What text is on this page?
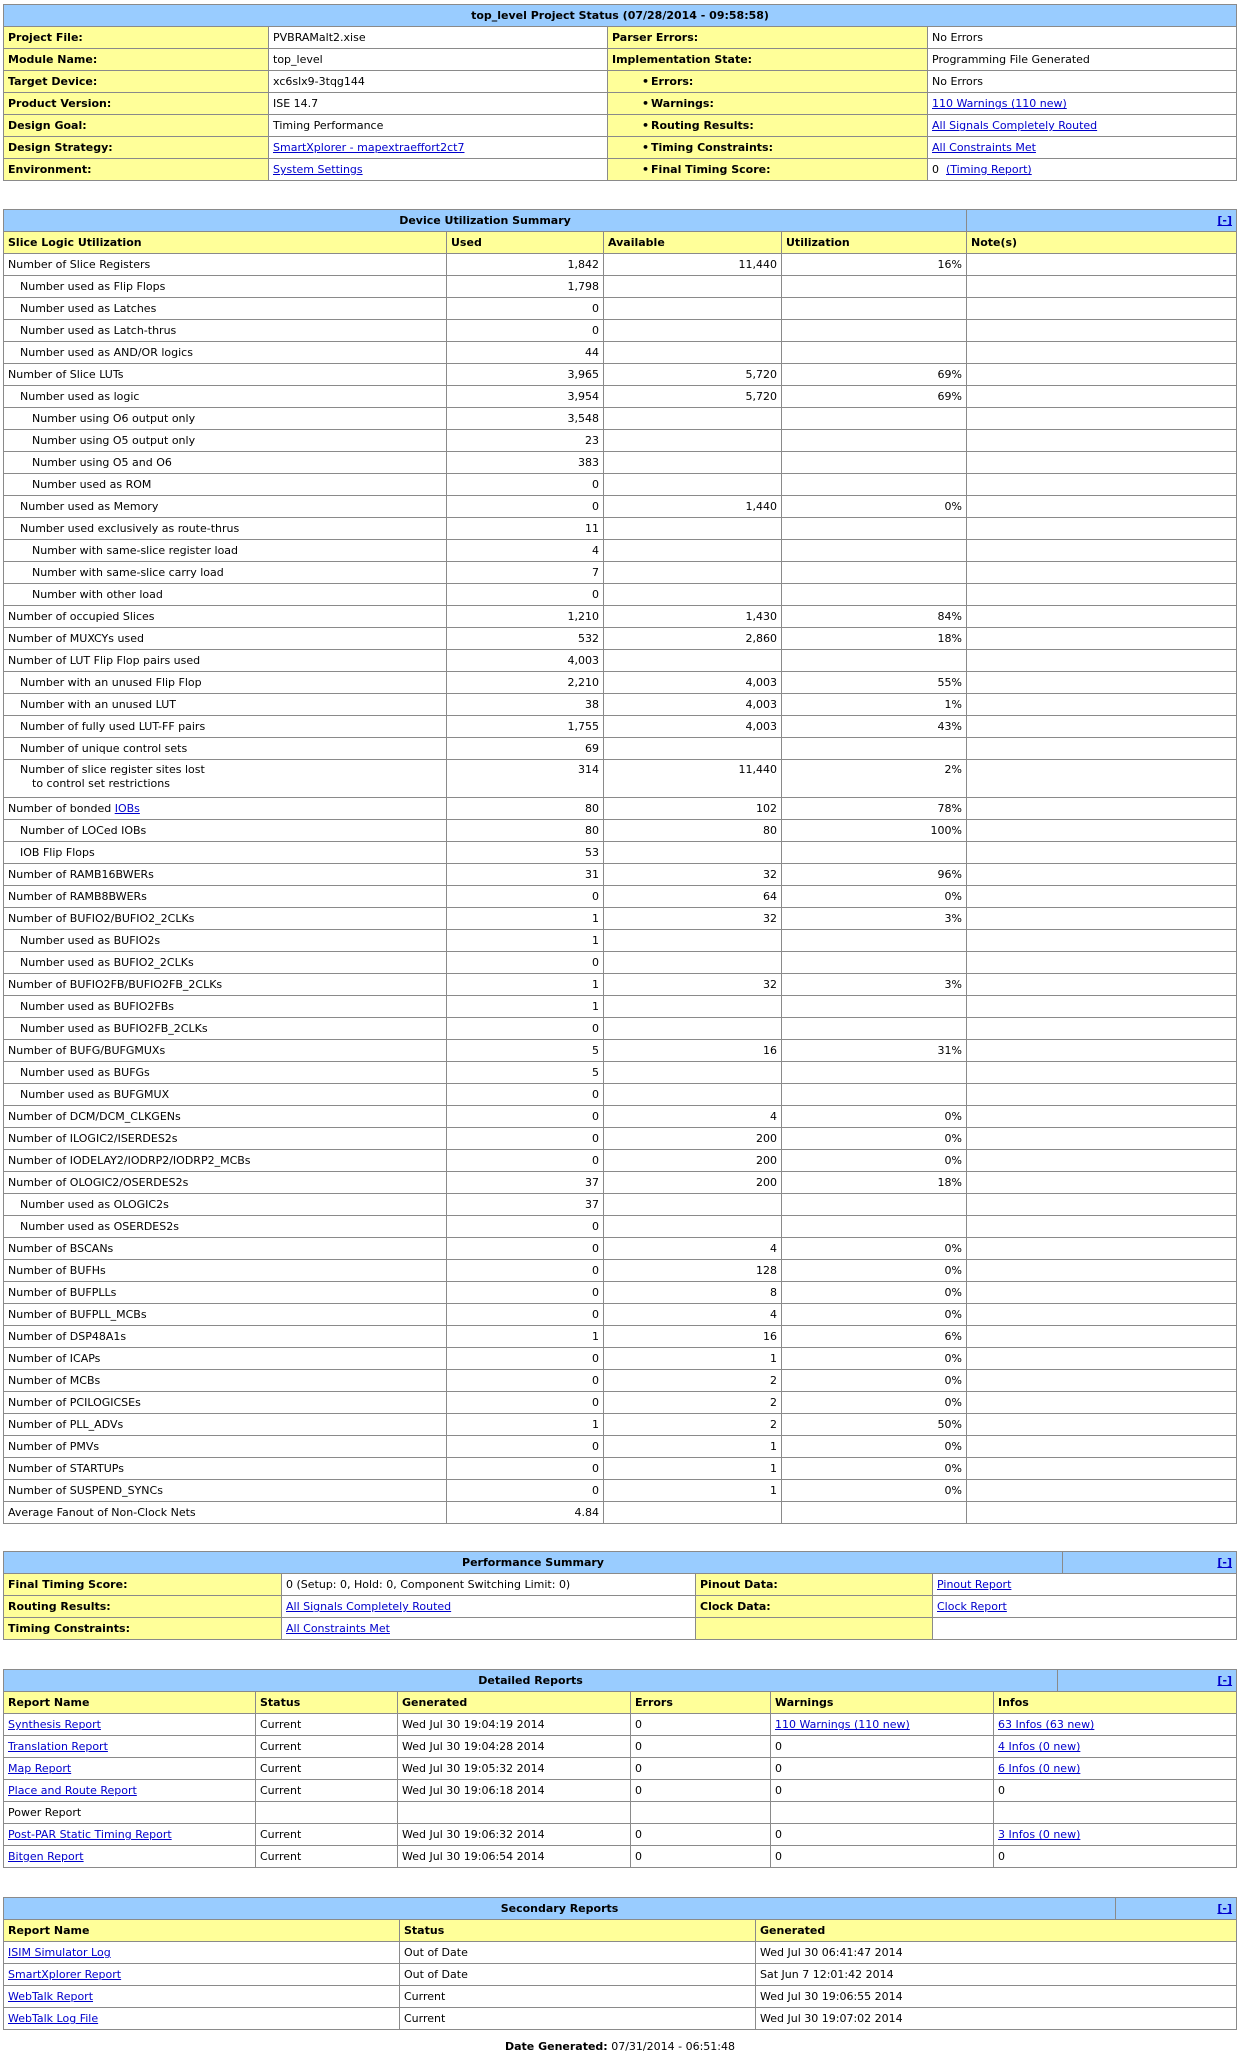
top_level Project Status (07/28/2014 - 09:58:58)			
Project File:	PVBRAMalt2.xise	Parser Errors:	No Errors
Module Name:	top_level	Implementation State:	Programming File Generated
Target Device:	xc6slx9-3tqg144	• Errors:	No Errors
Product Version:	ISE 14.7	• Warnings:	110 Warnings (110 new)
Design Goal:	Timing Performance	• Routing Results:	All Signals Completely Routed
Design Strategy:	SmartXplorer - mapextraeffort2ct7	• Timing Constraints:	All Constraints Met
Environment:	System Settings	• Final Timing Score:	0 (Timing Report)
Device Utilization Summary				[-]
Slice Logic Utilization	Used	Available	Utilization	Note(s)
Number of Slice Registers	1,842	11,440	16%	
Number used as Flip Flops	1,798			
Number used as Latches	0			
Number used as Latch-thrus	0			
Number used as AND/OR logics	44			
Number of Slice LUTs	3,965	5,720	69%	
Number used as logic	3,954	5,720	69%	
Number using O6 output only	3,548			
Number using O5 output only	23			
Number using O5 and O6	383			
Number used as ROM	0			
Number used as Memory	0	1,440	0%	
Number used exclusively as route-thrus	11			
Number with same-slice register load	4			
Number with same-slice carry load	7			
Number with other load	0			
Number of occupied Slices	1,210	1,430	84%	
Number of MUXCYs used	532	2,860	18%	
Number of LUT Flip Flop pairs used	4,003			
Number with an unused Flip Flop	2,210	4,003	55%	
Number with an unused LUT	38	4,003	1%	
Number of fully used LUT-FF pairs	1,755	4,003	43%	
Number of unique control sets	69			
Number of slice register sites lost
to control set restrictions	314	11,440	2%	
Number of bonded IOBs	80	102	78%	
Number of LOCed IOBs	80	80	100%	
IOB Flip Flops	53			
Number of RAMB16BWERs	31	32	96%	
Number of RAMB8BWERs	0	64	0%	
Number of BUFIO2/BUFIO2_2CLKs	1	32	3%	
Number used as BUFIO2s	1			
Number used as BUFIO2_2CLKs	0			
Number of BUFIO2FB/BUFIO2FB_2CLKs	1	32	3%	
Number used as BUFIO2FBs	1			
Number used as BUFIO2FB_2CLKs	0			
Number of BUFG/BUFGMUXs	5	16	31%	
Number used as BUFGs	5			
Number used as BUFGMUX	0			
Number of DCM/DCM_CLKGENs	0	4	0%	
Number of ILOGIC2/ISERDES2s	0	200	0%	
Number of IODELAY2/IODRP2/IODRP2_MCBs	0	200	0%	
Number of OLOGIC2/OSERDES2s	37	200	18%	
Number used as OLOGIC2s	37			
Number used as OSERDES2s	0			
Number of BSCANs	0	4	0%	
Number of BUFHs	0	128	0%	
Number of BUFPLLs	0	8	0%	
Number of BUFPLL_MCBs	0	4	0%	
Number of DSP48A1s	1	16	6%	
Number of ICAPs	0	1	0%	
Number of MCBs	0	2	0%	
Number of PCILOGICSEs	0	2	0%	
Number of PLL_ADVs	1	2	50%	
Number of PMVs	0	1	0%	
Number of STARTUPs	0	1	0%	
Number of SUSPEND_SYNCs	0	1	0%	
Average Fanout of Non-Clock Nets	4.84			
Performance Summary				[-]
Final Timing Score:	0 (Setup: 0, Hold: 0, Component Switching Limit: 0)	Pinout Data:	Pinout Report	
Routing Results:	All Signals Completely Routed	Clock Data:	Clock Report	
Timing Constraints:	All Constraints Met			
Detailed Reports						[-]
Report Name	Status	Generated	Errors	Warnings	Infos	
Synthesis Report	Current	Wed Jul 30 19:04:19 2014	0	110 Warnings (110 new)	63 Infos (63 new)	
Translation Report	Current	Wed Jul 30 19:04:28 2014	0	0	4 Infos (0 new)	
Map Report	Current	Wed Jul 30 19:05:32 2014	0	0	6 Infos (0 new)	
Place and Route Report	Current	Wed Jul 30 19:06:18 2014	0	0	0	
Power Report						
Post-PAR Static Timing Report	Current	Wed Jul 30 19:06:32 2014	0	0	3 Infos (0 new)	
Bitgen Report	Current	Wed Jul 30 19:06:54 2014	0	0	0	
Secondary Reports			[-]
Report Name	Status	Generated	
ISIM Simulator Log	Out of Date	Wed Jul 30 06:41:47 2014	
SmartXplorer Report	Out of Date	Sat Jun 7 12:01:42 2014	
WebTalk Report	Current	Wed Jul 30 19:06:55 2014	
WebTalk Log File	Current	Wed Jul 30 19:07:02 2014	
Date Generated: 07/31/2014 - 06:51:48
